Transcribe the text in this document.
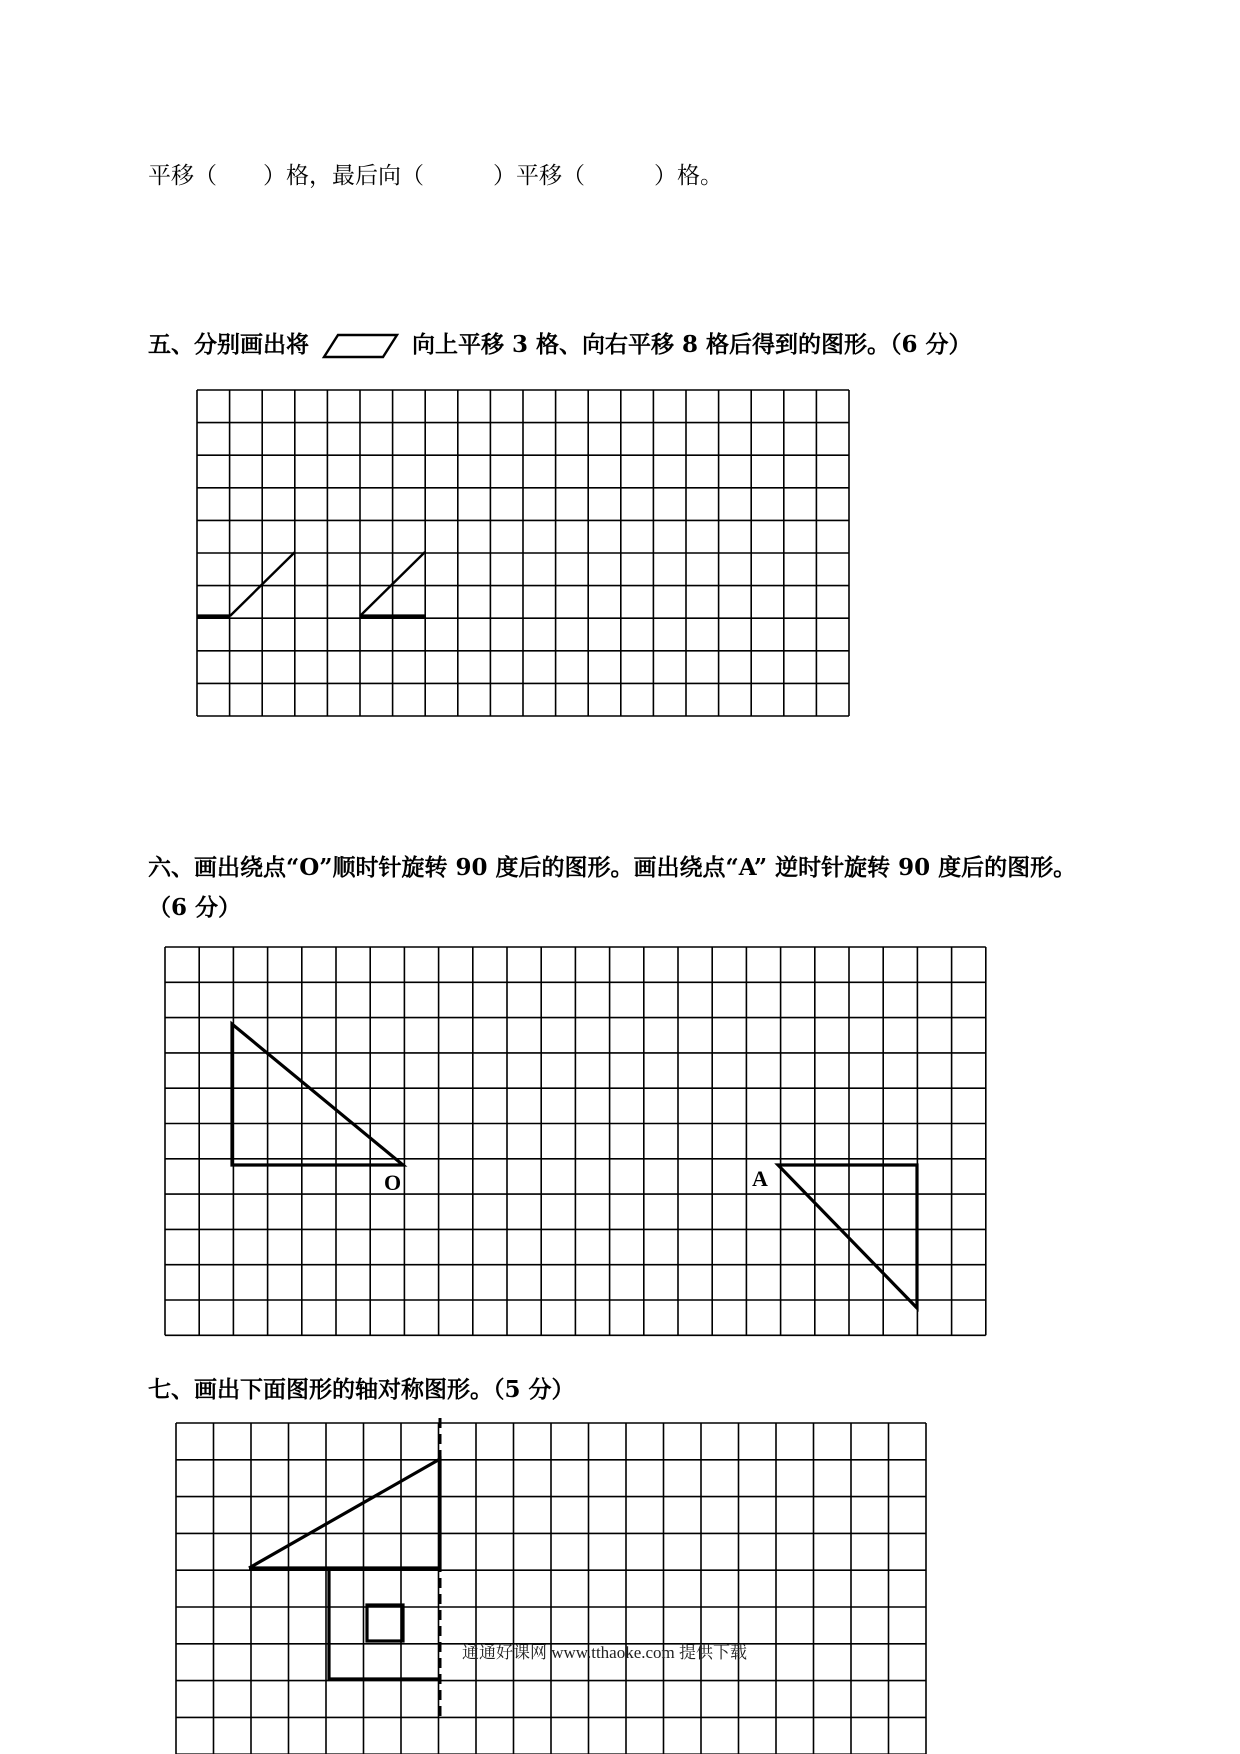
平移（　　）格，最后向（　　　）平移（　　　）格。
五、分别画出将	向上平移 3 格、向右平移 8 格后得到的图形。（6 分）
六、画出绕点“O”顺时针旋转 90 度后的图形。画出绕点“A” 逆时针旋转 90 度后的图形。
（6 分）
O	A
七、画出下面图形的轴对称图形。（5 分）
通通好课网 www.tthaoke.com 提供下载
